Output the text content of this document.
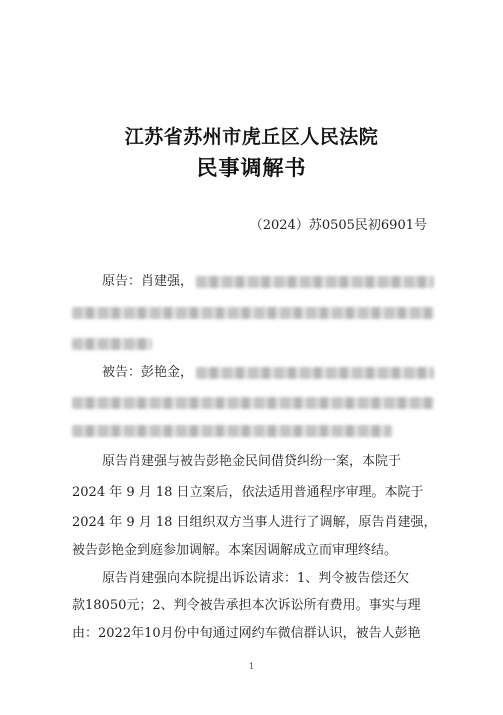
江苏省苏州市虎丘区人民法院
民事调解书
（2024）苏0505民初6901号
原告：肖建强，
被告：彭艳金，
原告肖建强与被告彭艳金民间借贷纠纷一案，本院于
2024 年 9 月 18 日立案后，依法适用普通程序审理。本院于
2024 年 9 月 18 日组织双方当事人进行了调解，原告肖建强，
被告彭艳金到庭参加调解。本案因调解成立而审理终结。
原告肖建强向本院提出诉讼请求：1、判令被告偿还欠
款18050元；2、判令被告承担本次诉讼所有费用。事实与理
由：2022年10月份中旬通过网约车微信群认识，被告人彭艳
1
